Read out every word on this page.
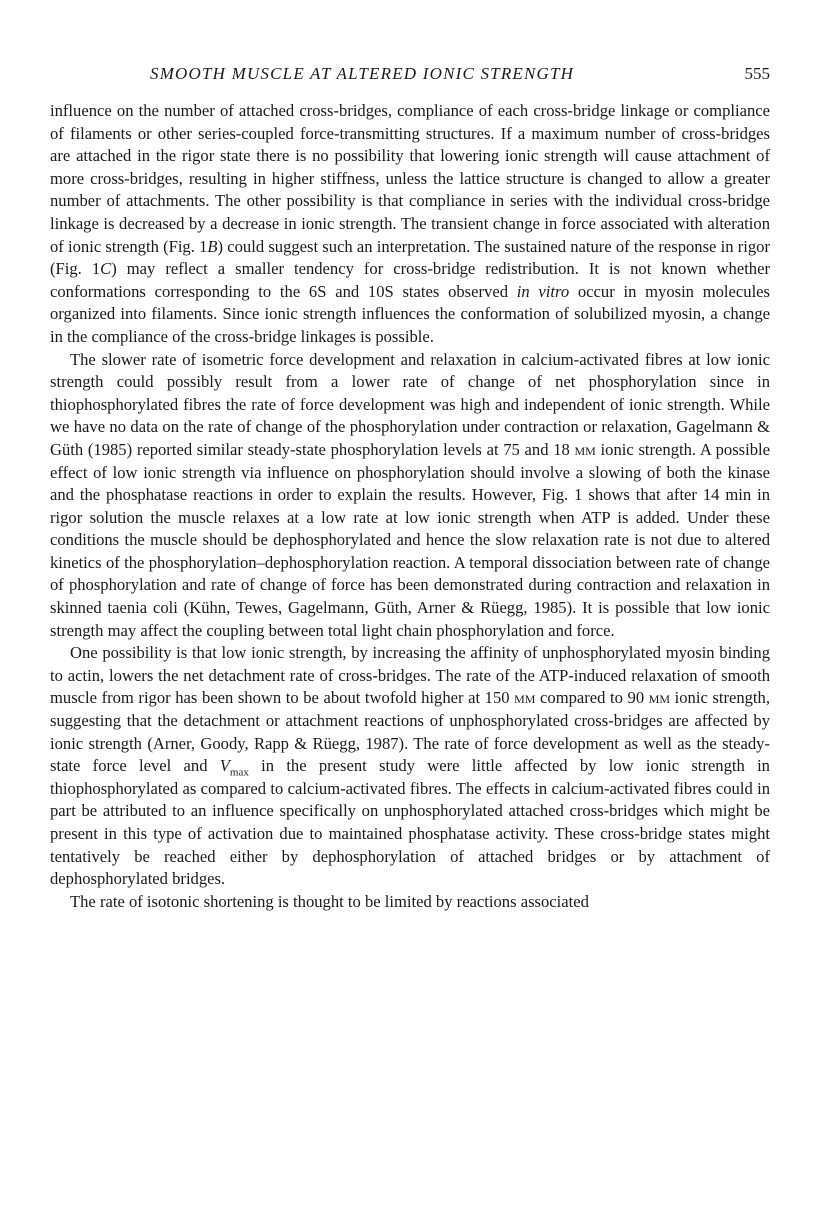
SMOOTH MUSCLE AT ALTERED IONIC STRENGTH	555

influence on the number of attached cross-bridges, compliance of each cross-bridge linkage or compliance of filaments or other series-coupled force-transmitting structures. If a maximum number of cross-bridges are attached in the rigor state there is no possibility that lowering ionic strength will cause attachment of more cross-bridges, resulting in higher stiffness, unless the lattice structure is changed to allow a greater number of attachments. The other possibility is that compliance in series with the individual cross-bridge linkage is decreased by a decrease in ionic strength. The transient change in force associated with alteration of ionic strength (Fig. 1B) could suggest such an interpretation. The sustained nature of the response in rigor (Fig. 1C) may reflect a smaller tendency for cross-bridge redistribution. It is not known whether conformations corresponding to the 6S and 10S states observed in vitro occur in myosin molecules organized into filaments. Since ionic strength influences the conformation of solubilized myosin, a change in the compliance of the cross-bridge linkages is possible.

The slower rate of isometric force development and relaxation in calcium-activated fibres at low ionic strength could possibly result from a lower rate of change of net phosphorylation since in thiophosphorylated fibres the rate of force development was high and independent of ionic strength. While we have no data on the rate of change of the phosphorylation under contraction or relaxation, Gagelmann & Güth (1985) reported similar steady-state phosphorylation levels at 75 and 18 mm ionic strength. A possible effect of low ionic strength via influence on phosphorylation should involve a slowing of both the kinase and the phosphatase reactions in order to explain the results. However, Fig. 1 shows that after 14 min in rigor solution the muscle relaxes at a low rate at low ionic strength when ATP is added. Under these conditions the muscle should be dephosphorylated and hence the slow relaxation rate is not due to altered kinetics of the phosphorylation–dephosphorylation reaction. A temporal dissociation between rate of change of phosphorylation and rate of change of force has been demonstrated during contraction and relaxation in skinned taenia coli (Kühn, Tewes, Gagelmann, Güth, Arner & Rüegg, 1985). It is possible that low ionic strength may affect the coupling between total light chain phosphorylation and force.

One possibility is that low ionic strength, by increasing the affinity of unphosphorylated myosin binding to actin, lowers the net detachment rate of cross-bridges. The rate of the ATP-induced relaxation of smooth muscle from rigor has been shown to be about twofold higher at 150 mm compared to 90 mm ionic strength, suggesting that the detachment or attachment reactions of unphosphorylated cross-bridges are affected by ionic strength (Arner, Goody, Rapp & Rüegg, 1987). The rate of force development as well as the steady-state force level and $V_{max}$ in the present study were little affected by low ionic strength in thiophosphorylated as compared to calcium-activated fibres. The effects in calcium-activated fibres could in part be attributed to an influence specifically on unphosphorylated attached cross-bridges which might be present in this type of activation due to maintained phosphatase activity. These cross-bridge states might tentatively be reached either by dephosphorylation of attached bridges or by attachment of dephosphorylated bridges.

The rate of isotonic shortening is thought to be limited by reactions associated
